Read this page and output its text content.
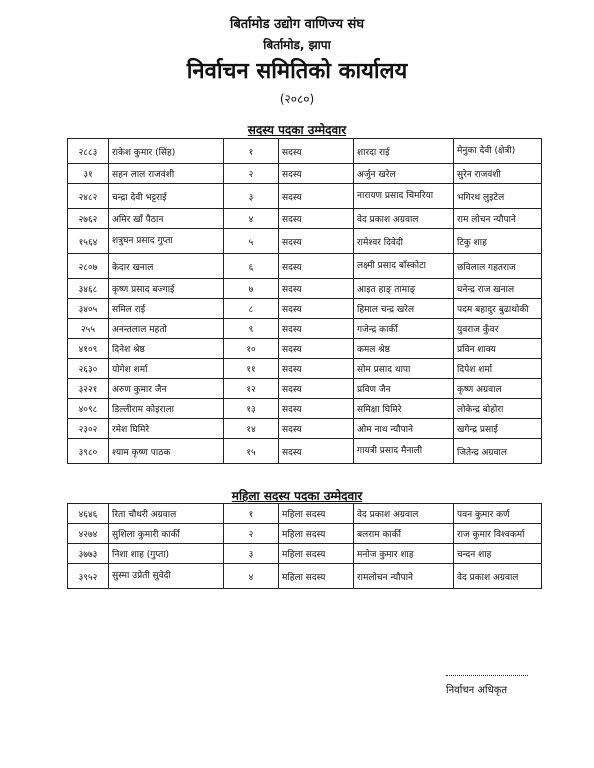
बिर्तामोड उद्योग वाणिज्य संघ
बिर्तामोड, झापा
निर्वाचन समितिको कार्यालय
(२०८०)
सदस्य पदका उम्मेदवार
२८८३	राकेश कुमार (सिंह)	१	सदस्य	शारदा राई	मेनुका देवी (क्षेत्री)
३१	सहन लाल राजवंशी	२	सदस्य	अर्जुन खरेल	सुरेन राजवंशी
२४८२	चन्द्रा देवी भट्टराई	३	सदस्य	नारायण प्रसाद चिमरिया	भगिरथ लुइटेल
२७६२	अमिर खाँ पैठान	४	सदस्य	वेद प्रकाश अग्रवाल	राम लोचन न्यौपाने
१५६४	शत्रुघन प्रसाद गुप्ता	५	सदस्य	रामेश्वर दिवेदी	टिकु शाह
२८०७	केदार खनाल	६	सदस्य	लक्ष्मी प्रसाद बाँस्कोटा	छविलाल गहतराज
३४६८	कृष्ण प्रसाद बज्गाई	७	सदस्य	आइत हाङ् तामाङ्	घनेन्द्र राज खनाल
३४०५	समिल राई	८	सदस्य	हिमाल चन्द्र खरेल	पदम बहादुर बुढाथोकी
२५५	अनन्तलाल महतो	९	सदस्य	गजेन्द्र कार्की	युवराज कुँवर
४१०९	दिनेश श्रेष्ठ	१०	सदस्य	कमल श्रेष्ठ	प्रविन शाक्य
२६३०	योगेश शर्मा	११	सदस्य	सोम प्रसाद थापा	दिपेश शर्मा
३२२१	अरुण कुमार जैन	१२	सदस्य	प्रविण जैन	कृष्ण अग्रवाल
४०९८	डिल्लीराम कोइराला	१३	सदस्य	समिक्षा घिमिरे	लोकेन्द्र बोहोरा
२३०२	रमेश घिमिरे	१४	सदस्य	ओम नाथ न्यौपाने	खगेन्द्र प्रसाई
३९८०	श्याम कृष्ण पाठक	१५	सदस्य	गायत्री प्रसाद मैनाली	जितेन्द्र अग्रवाल
महिला सदस्य पदका उम्मेदवार
४६४६	रिता चौधरी अग्रवाल	१	महिला सदस्य	वेद प्रकाश अग्रवाल	पवन कुमार कर्ण
४२७४	सुशिला कुमारी कार्की	२	महिला सदस्य	बलराम कार्की	राज कुमार विश्वकर्मा
३७७३	निशा शाह (गुप्ता)	३	महिला सदस्य	मनोज कुमार शाह	चन्दन शाह
३९५२	सुस्मा उप्रेती सुवेदी	४	महिला सदस्य	रामलोचन न्यौपाने	वेद प्रकाश अग्रवाल
निर्वाचन अधिकृत
